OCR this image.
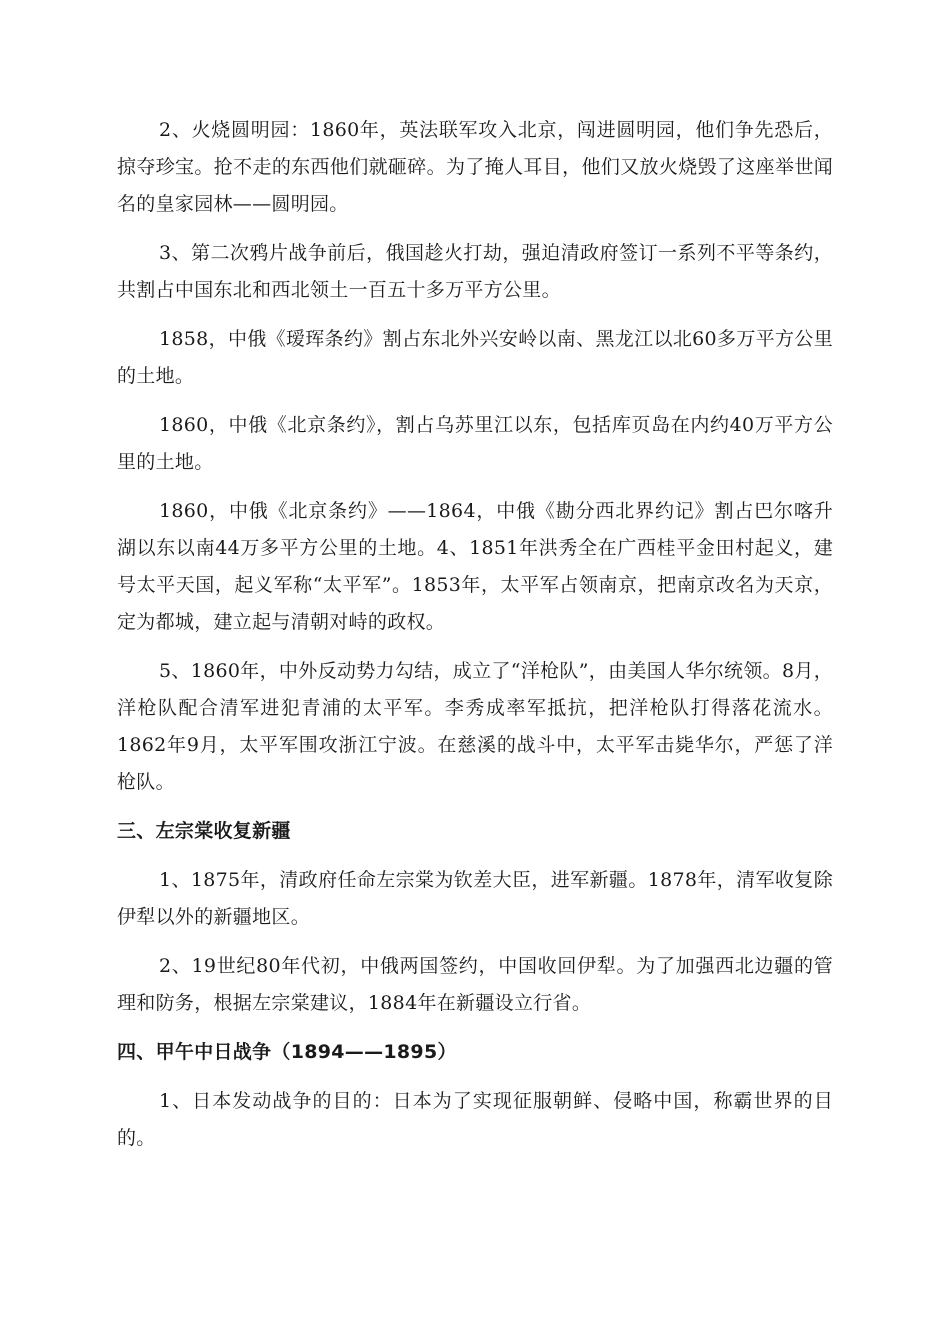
2、火烧圆明园：1860年，英法联军攻入北京，闯进圆明园，他们争先恐后，掠夺珍宝。抢不走的东西他们就砸碎。为了掩人耳目，他们又放火烧毁了这座举世闻名的皇家园林——圆明园。

3、第二次鸦片战争前后，俄国趁火打劫，强迫清政府签订一系列不平等条约，共割占中国东北和西北领土一百五十多万平方公里。

1858，中俄《瑷珲条约》割占东北外兴安岭以南、黑龙江以北60多万平方公里的土地。

1860，中俄《北京条约》，割占乌苏里江以东，包括库页岛在内约40万平方公里的土地。

1860，中俄《北京条约》——1864，中俄《勘分西北界约记》割占巴尔喀升湖以东以南44万多平方公里的土地。4、1851年洪秀全在广西桂平金田村起义，建号太平天国，起义军称“太平军”。1853年，太平军占领南京，把南京改名为天京，定为都城，建立起与清朝对峙的政权。

5、1860年，中外反动势力勾结，成立了“洋枪队”，由美国人华尔统领。8月，洋枪队配合清军进犯青浦的太平军。李秀成率军抵抗，把洋枪队打得落花流水。1862年9月，太平军围攻浙江宁波。在慈溪的战斗中，太平军击毙华尔，严惩了洋枪队。

三、左宗棠收复新疆

1、1875年，清政府任命左宗棠为钦差大臣，进军新疆。1878年，清军收复除伊犁以外的新疆地区。

2、19世纪80年代初，中俄两国签约，中国收回伊犁。为了加强西北边疆的管理和防务，根据左宗棠建议，1884年在新疆设立行省。

四、甲午中日战争（1894——1895）

1、日本发动战争的目的：日本为了实现征服朝鲜、侵略中国，称霸世界的目的。
